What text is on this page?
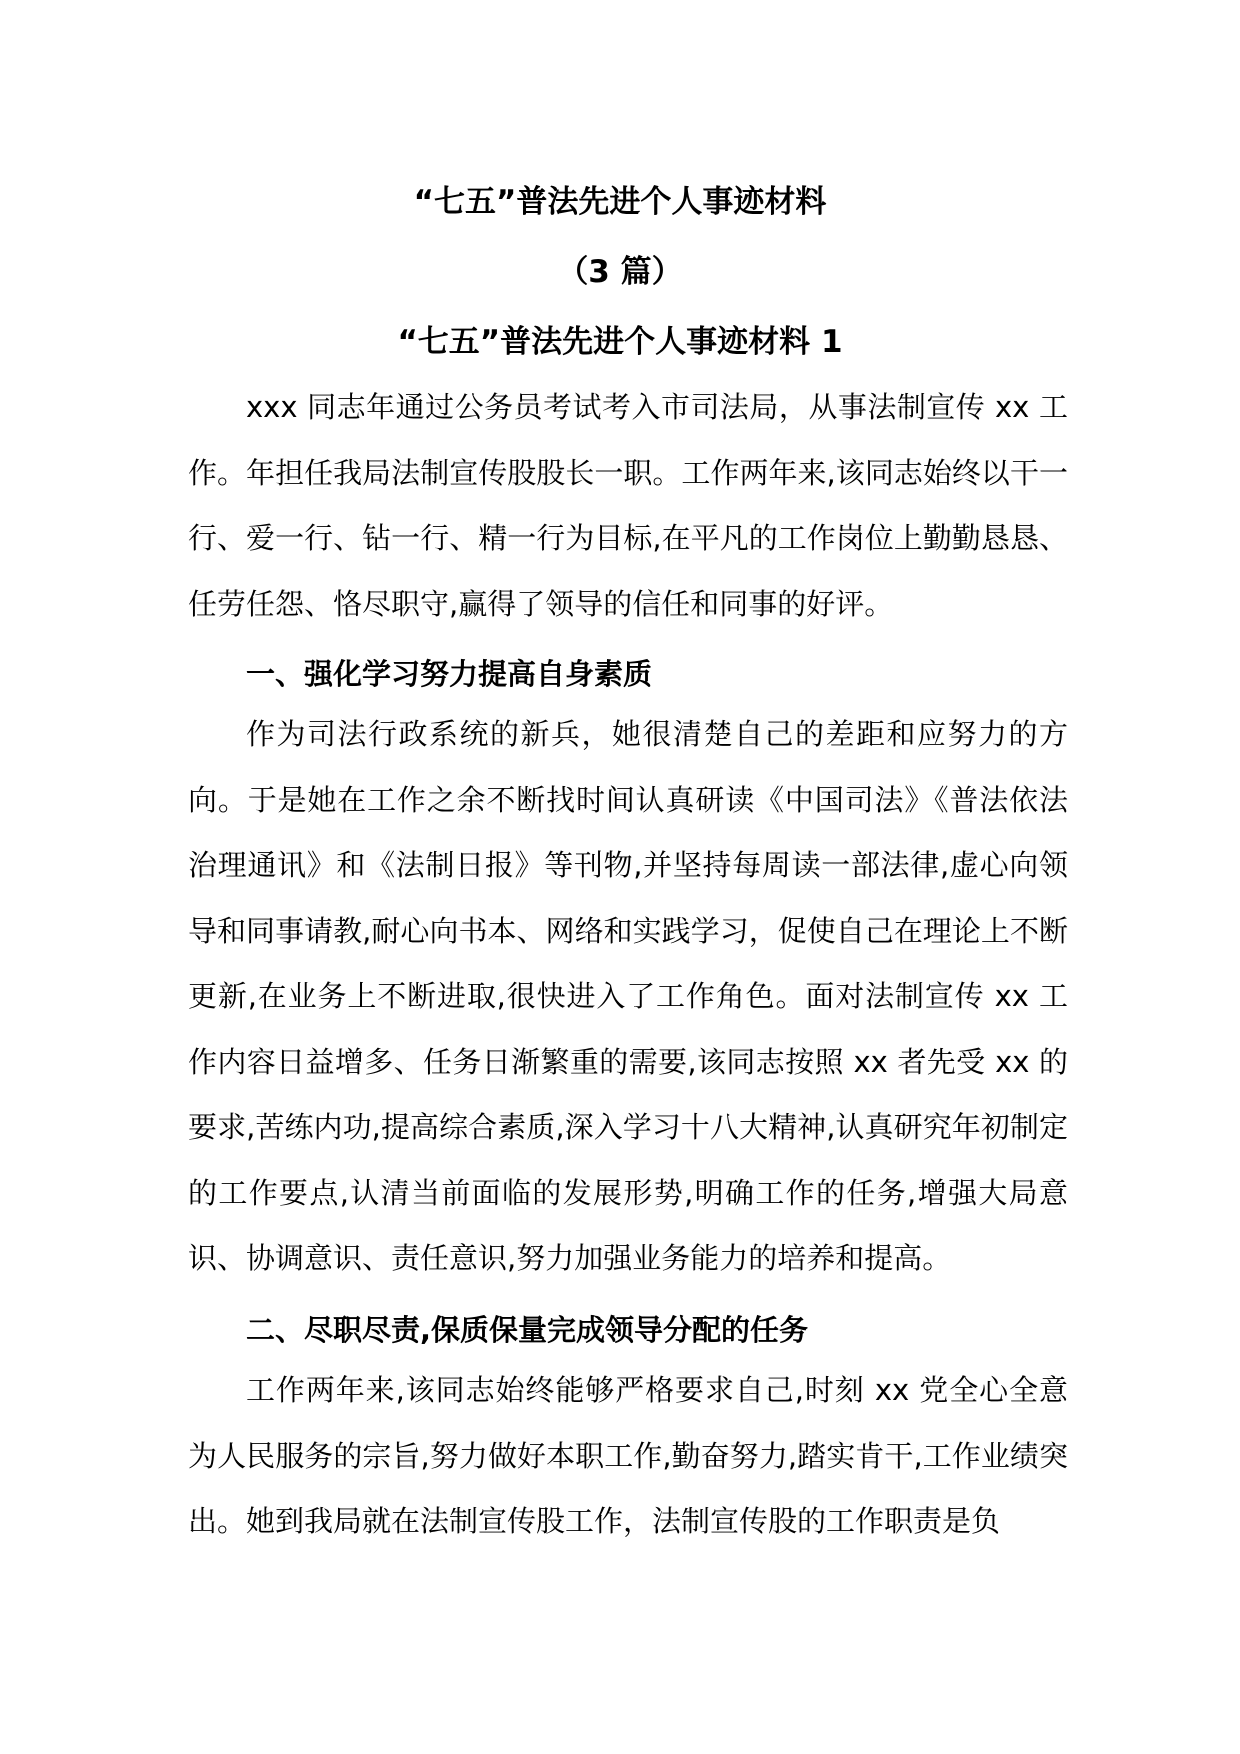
“七五”普法先进个人事迹材料
（3 篇）
“七五”普法先进个人事迹材料 1
xxx 同志年通过公务员考试考入市司法局，从事法制宣传 xx 工作。年担任我局法制宣传股股长一职。工作两年来,该同志始终以干一行、爱一行、钻一行、精一行为目标,在平凡的工作岗位上勤勤恳恳、任劳任怨、恪尽职守,赢得了领导的信任和同事的好评。
一、强化学习努力提高自身素质
作为司法行政系统的新兵，她很清楚自己的差距和应努力的方向。于是她在工作之余不断找时间认真研读《中国司法》《普法依法治理通讯》和《法制日报》等刊物,并坚持每周读一部法律,虚心向领导和同事请教,耐心向书本、网络和实践学习，促使自己在理论上不断更新,在业务上不断进取,很快进入了工作角色。面对法制宣传 xx 工作内容日益增多、任务日渐繁重的需要,该同志按照 xx 者先受 xx 的要求,苦练内功,提高综合素质,深入学习十八大精神,认真研究年初制定的工作要点,认清当前面临的发展形势,明确工作的任务,增强大局意识、协调意识、责任意识,努力加强业务能力的培养和提高。
二、尽职尽责,保质保量完成领导分配的任务
工作两年来,该同志始终能够严格要求自己,时刻 xx 党全心全意为人民服务的宗旨,努力做好本职工作,勤奋努力,踏实肯干,工作业绩突出。她到我局就在法制宣传股工作，法制宣传股的工作职责是负
